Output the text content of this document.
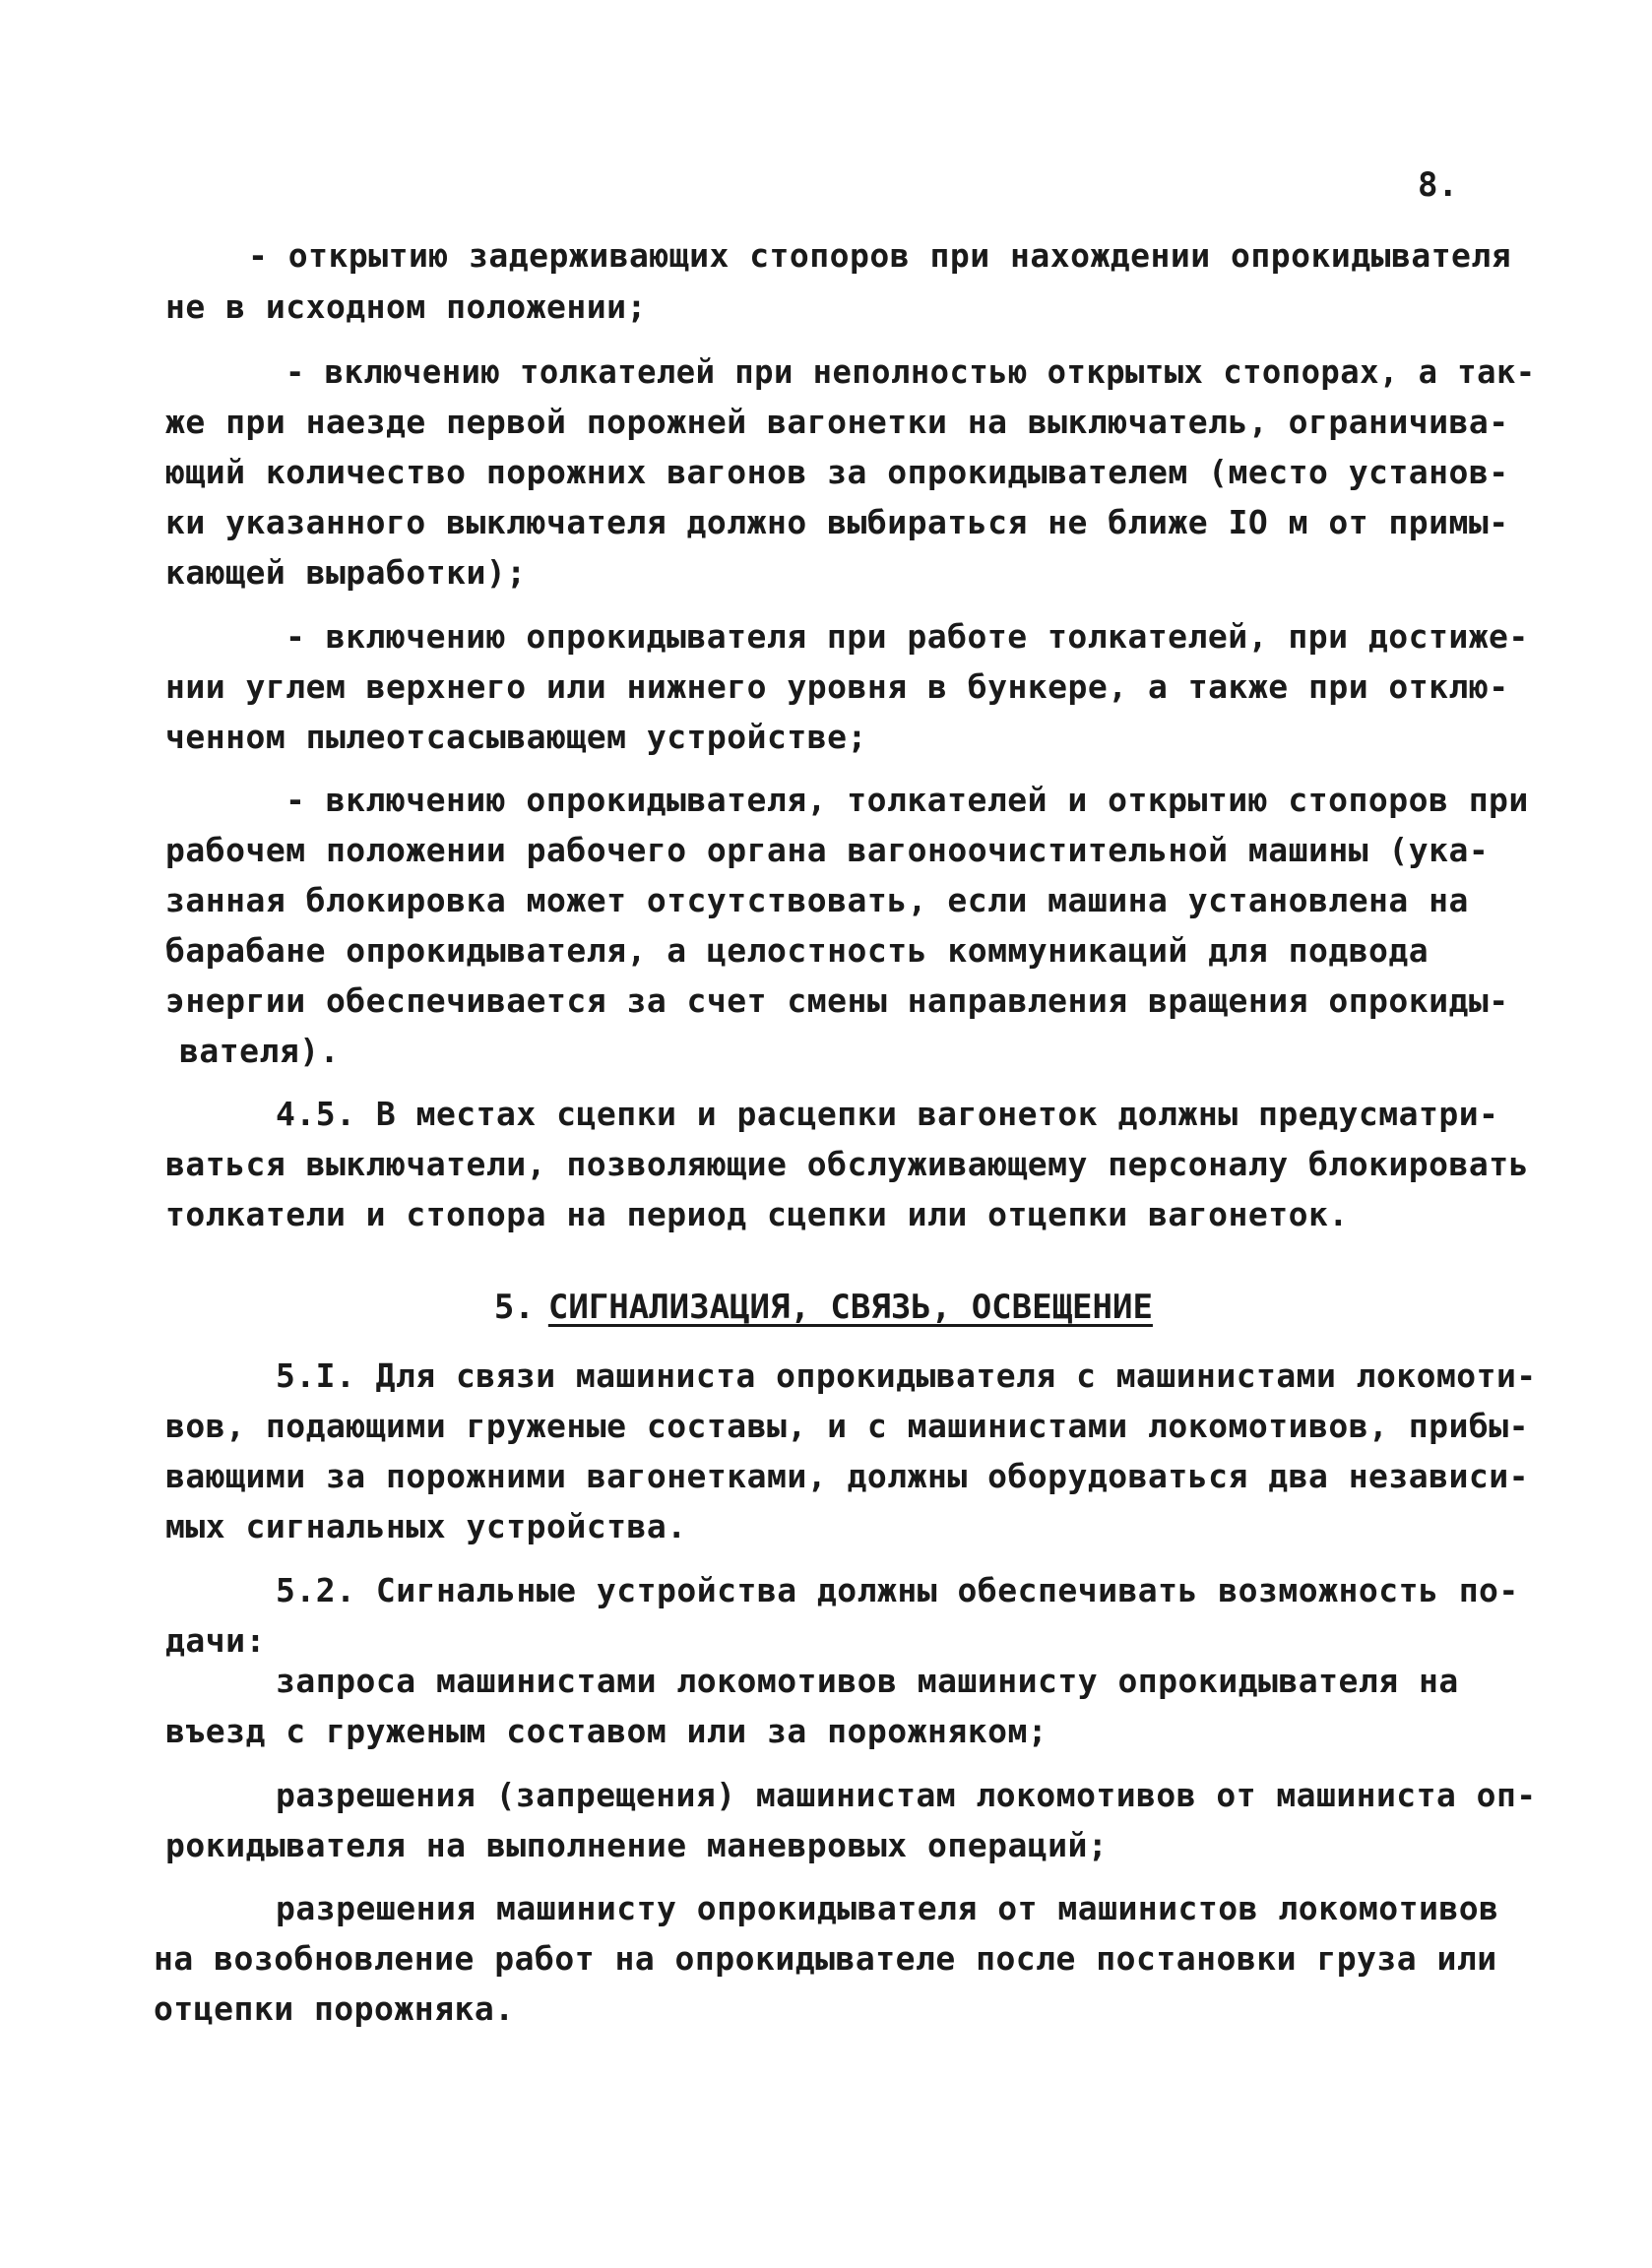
8.
- открытию задерживающих стопоров при нахождении опрокидывателя
не в исходном положении;
- включению толкателей при неполностью открытых стопорах, а так-
же при наезде первой порожней вагонетки на выключатель, ограничива-
ющий количество порожних вагонов за опрокидывателем (место установ-
ки указанного выключателя должно выбираться не ближе IO м от примы-
кающей выработки);
- включению опрокидывателя при работе толкателей, при достиже-
нии углем верхнего или нижнего уровня в бункере, а также при отклю-
ченном пылеотсасывающем устройстве;
- включению опрокидывателя, толкателей и открытию стопоров при
рабочем положении рабочего органа вагоноочистительной машины (ука-
занная блокировка может отсутствовать, если машина установлена на
барабане опрокидывателя, а целостность коммуникаций для подвода
энергии обеспечивается за счет смены направления вращения опрокиды-
вателя).
4.5. В местах сцепки и расцепки вагонеток должны предусматри-
ваться выключатели, позволяющие обслуживающему персоналу блокировать
толкатели и стопора на период сцепки или отцепки вагонеток.

5. СИГНАЛИЗАЦИЯ, СВЯЗЬ, ОСВЕЩЕНИЕ

5.I. Для связи машиниста опрокидывателя с машинистами локомоти-
вов, подающими груженые составы, и с машинистами локомотивов, прибы-
вающими за порожними вагонетками, должны оборудоваться два независи-
мых сигнальных устройства.
5.2. Сигнальные устройства должны обеспечивать возможность по-
дачи:
запроса машинистами локомотивов машинисту опрокидывателя на
въезд с груженым составом или за порожняком;
разрешения (запрещения) машинистам локомотивов от машиниста оп-
рокидывателя на выполнение маневровых операций;
разрешения машинисту опрокидывателя от машинистов локомотивов
на возобновление работ на опрокидывателе после постановки груза или
отцепки порожняка.
